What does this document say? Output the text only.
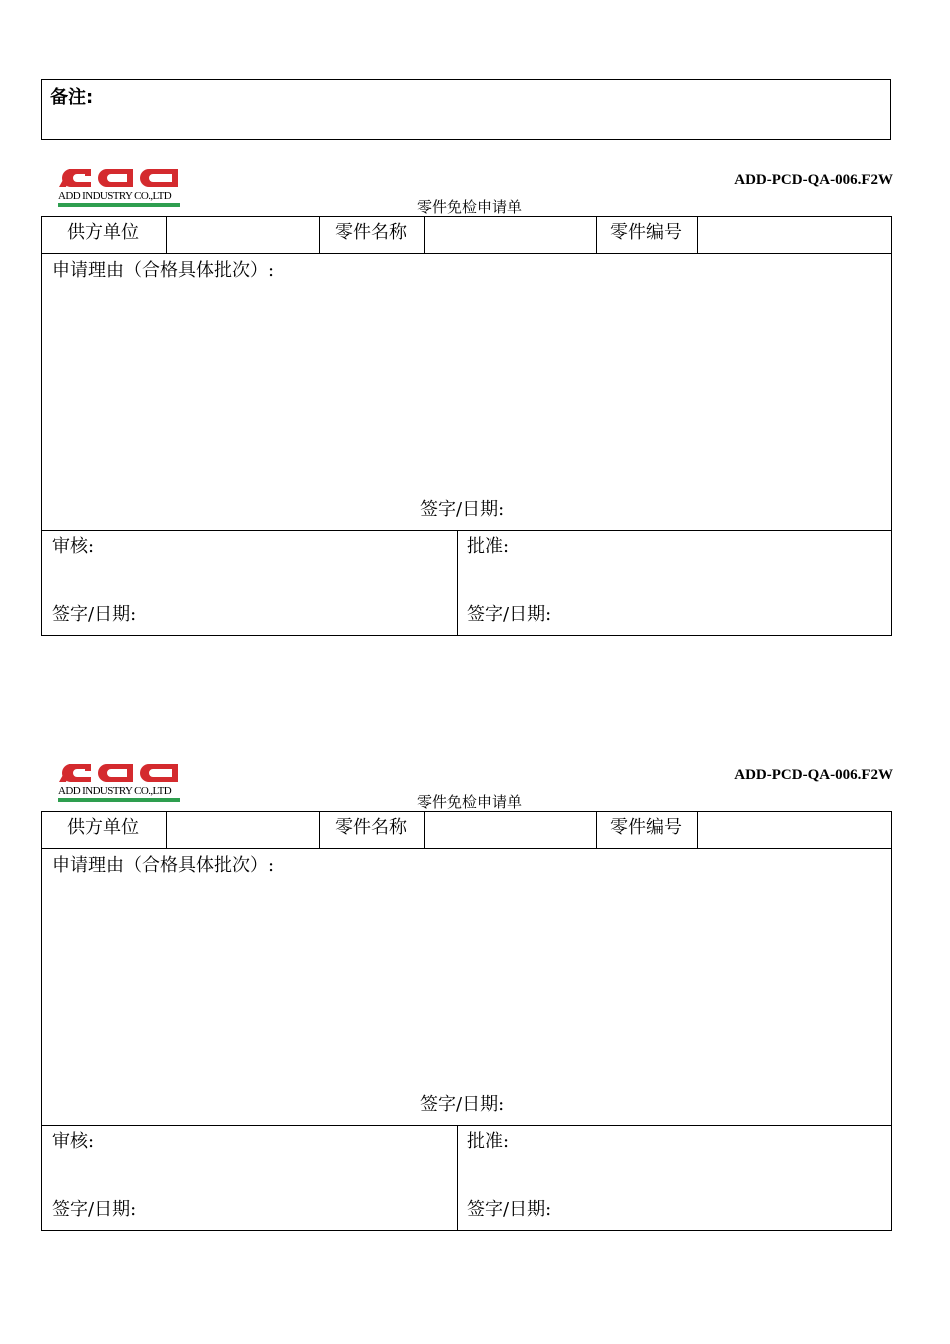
备注:
ADD INDUSTRY CO.,LTD
ADD-PCD-QA-006.F2W
零件免检申请单
供方单位	零件名称	零件编号
申请理由（合格具体批次）:
签字/日期:
审核:
签字/日期:
批准:
签字/日期:
ADD INDUSTRY CO.,LTD
ADD-PCD-QA-006.F2W
零件免检申请单
供方单位	零件名称	零件编号
申请理由（合格具体批次）:
签字/日期:
审核:
签字/日期:
批准:
签字/日期:
